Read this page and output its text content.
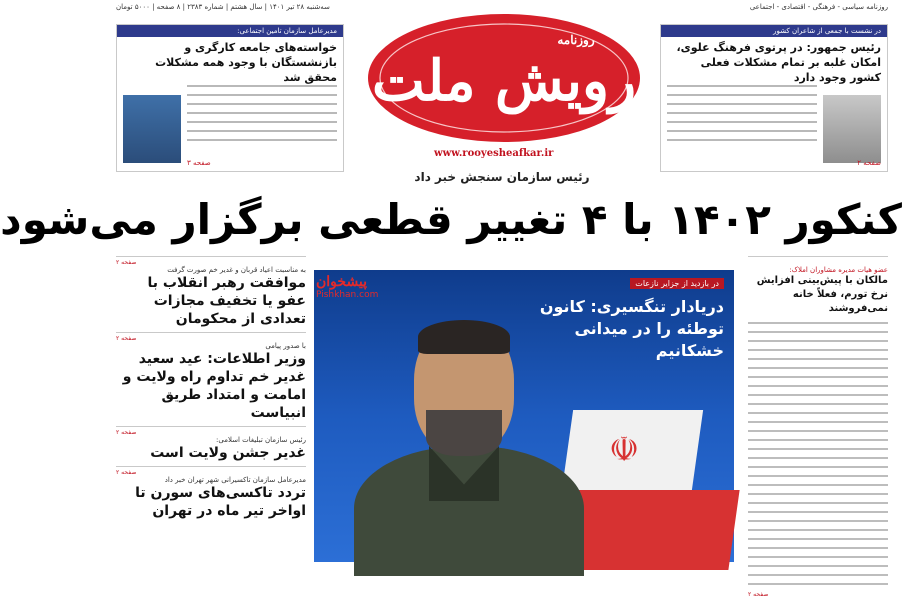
روزنامه سیاسی - فرهنگی - اقتصادی - اجتماعی
سه‌شنبه ۲۸ تیر ۱۴۰۱ | سال هشتم | شماره ۲۳۸۳ | ۸ صفحه | ۵۰۰۰ تومان
رویش ملت
روزنامه
www.rooyesheafkar.ir
مدیرعامل سازمان تامین اجتماعی:
خواسته‌های جامعه کارگری و بازنشستگان با وجود همه مشکلات محقق شد
صفحه ۳
در نشست با جمعی از شاعران کشور
رئیس جمهور: در پرتوی فرهنگ علوی، امکان غلبه بر تمام مشکلات فعلی کشور وجود دارد
صفحه ۲
رئیس سازمان سنجش خبر داد
کنکور ۱۴۰۲ با ۴ تغییر قطعی برگزار می‌شود
عضو هیات مدیره مشاوران املاک:
مالکان با پیش‌بینی افزایش نرخ تورم، فعلاً خانه نمی‌فروشند
صفحه ۲
صفحه ۲
به مناسبت اعیاد قربان و غدیر خم صورت گرفت
موافقت رهبر انقلاب با عفو یا تخفیف مجازات تعدادی از محکومان
صفحه ۲
با صدور پیامی
وزیر اطلاعات: عید سعید غدیر خم تداوم راه ولایت و امامت و امتداد طریق انبیاست
صفحه ۲
رئیس سازمان تبلیغات اسلامی:
غدیر جشن ولایت است
صفحه ۲
مدیرعامل سازمان تاکسیرانی شهر تهران خبر داد
تردد تاکسی‌های سورن تا اواخر تیر ماه در تهران
☫
در بازدید از جزایر نازعات
دریادار تنگسیری: کانون توطئه را در میدانی خشکانیم
پیشخوان
Pishkhan.com
